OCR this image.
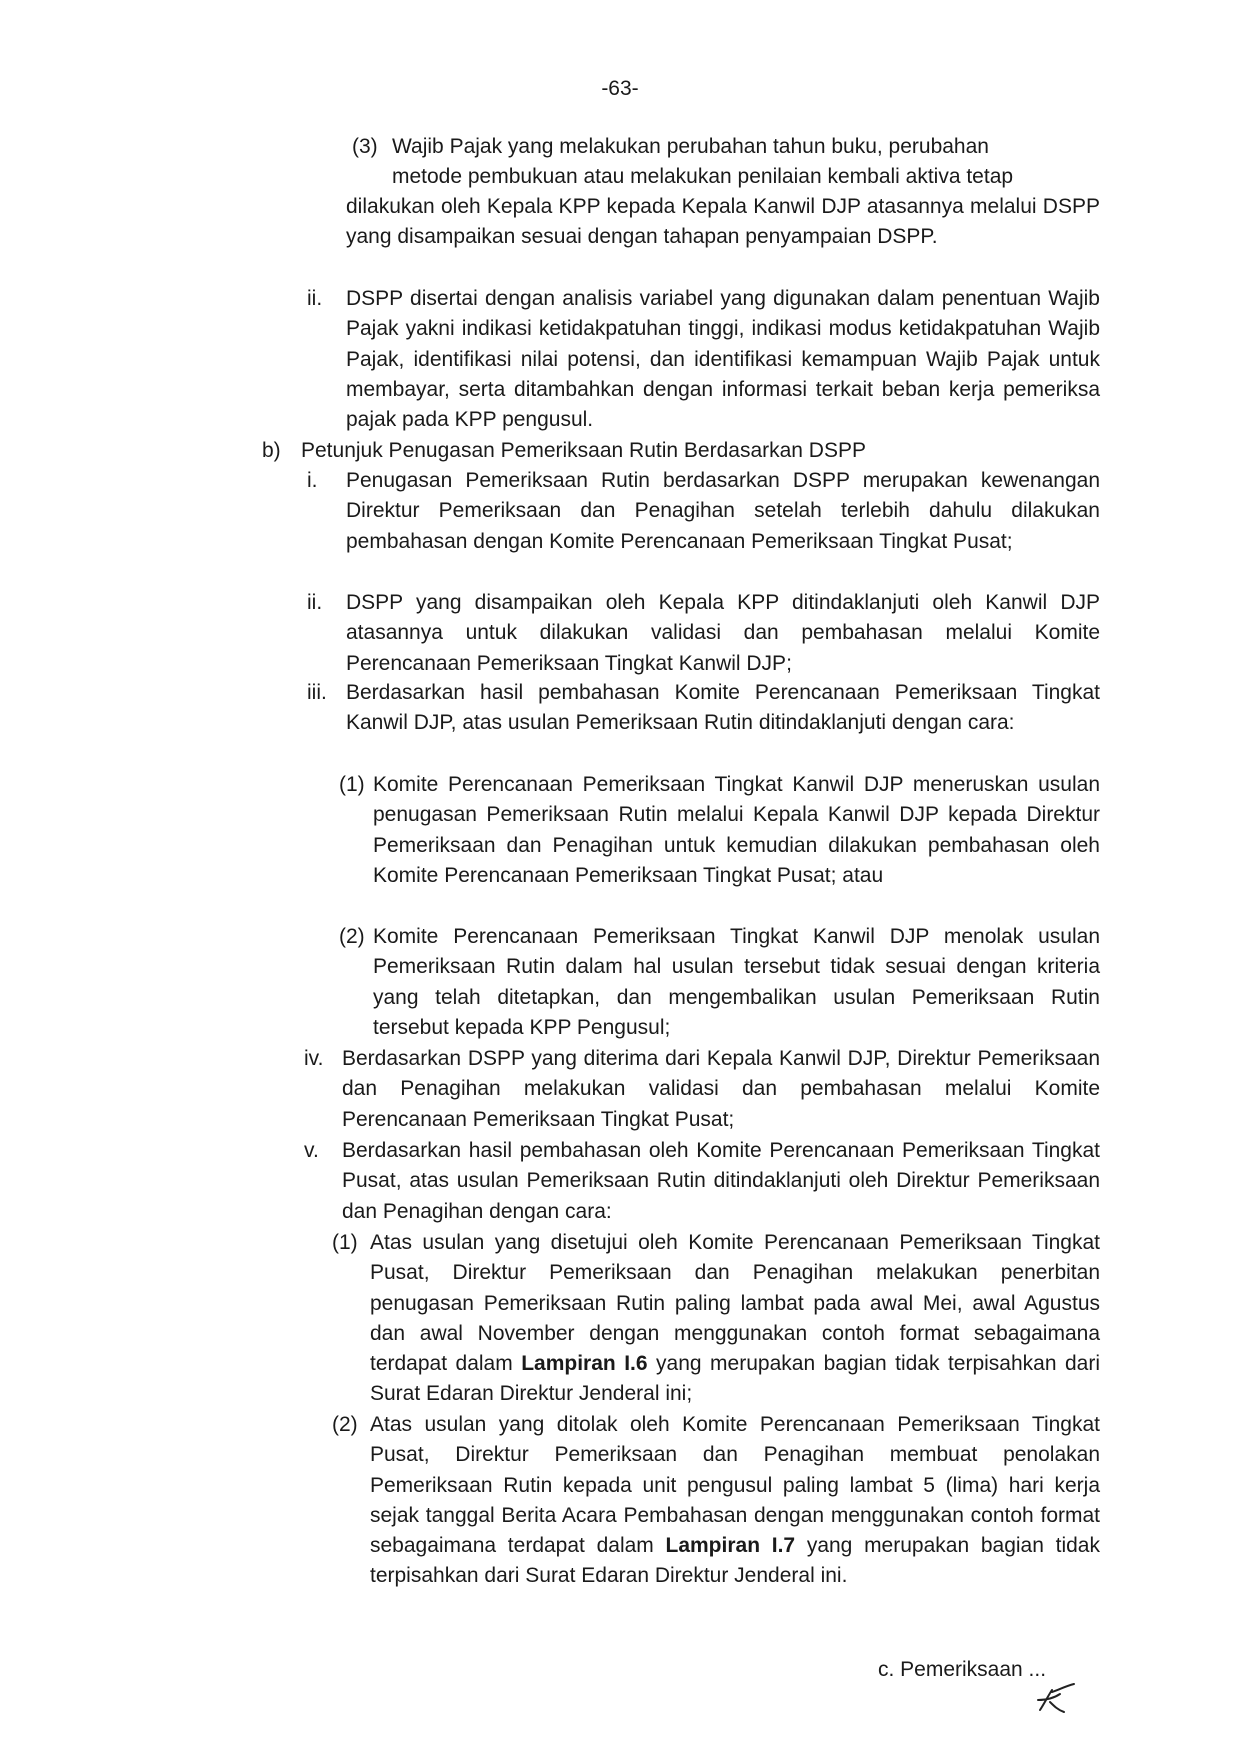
-63-
(3) Wajib Pajak yang melakukan perubahan tahun buku, perubahan
metode pembukuan atau melakukan penilaian kembali aktiva tetap
dilakukan oleh Kepala KPP kepada Kepala Kanwil DJP atasannya melalui DSPP yang disampaikan sesuai dengan tahapan penyampaian DSPP.
ii. DSPP disertai dengan analisis variabel yang digunakan dalam penentuan Wajib Pajak yakni indikasi ketidakpatuhan tinggi, indikasi modus ketidakpatuhan Wajib Pajak, identifikasi nilai potensi, dan identifikasi kemampuan Wajib Pajak untuk membayar, serta ditambahkan dengan informasi terkait beban kerja pemeriksa pajak pada KPP pengusul.
b) Petunjuk Penugasan Pemeriksaan Rutin Berdasarkan DSPP
i. Penugasan Pemeriksaan Rutin berdasarkan DSPP merupakan kewenangan Direktur Pemeriksaan dan Penagihan setelah terlebih dahulu dilakukan pembahasan dengan Komite Perencanaan Pemeriksaan Tingkat Pusat;
ii. DSPP yang disampaikan oleh Kepala KPP ditindaklanjuti oleh Kanwil DJP atasannya untuk dilakukan validasi dan pembahasan melalui Komite Perencanaan Pemeriksaan Tingkat Kanwil DJP;
iii. Berdasarkan hasil pembahasan Komite Perencanaan Pemeriksaan Tingkat Kanwil DJP, atas usulan Pemeriksaan Rutin ditindaklanjuti dengan cara:
(1) Komite Perencanaan Pemeriksaan Tingkat Kanwil DJP meneruskan usulan penugasan Pemeriksaan Rutin melalui Kepala Kanwil DJP kepada Direktur Pemeriksaan dan Penagihan untuk kemudian dilakukan pembahasan oleh Komite Perencanaan Pemeriksaan Tingkat Pusat; atau
(2) Komite Perencanaan Pemeriksaan Tingkat Kanwil DJP menolak usulan Pemeriksaan Rutin dalam hal usulan tersebut tidak sesuai dengan kriteria yang telah ditetapkan, dan mengembalikan usulan Pemeriksaan Rutin tersebut kepada KPP Pengusul;
iv. Berdasarkan DSPP yang diterima dari Kepala Kanwil DJP, Direktur Pemeriksaan dan Penagihan melakukan validasi dan pembahasan melalui Komite Perencanaan Pemeriksaan Tingkat Pusat;
v. Berdasarkan hasil pembahasan oleh Komite Perencanaan Pemeriksaan Tingkat Pusat, atas usulan Pemeriksaan Rutin ditindaklanjuti oleh Direktur Pemeriksaan dan Penagihan dengan cara:
(1) Atas usulan yang disetujui oleh Komite Perencanaan Pemeriksaan Tingkat Pusat, Direktur Pemeriksaan dan Penagihan melakukan penerbitan penugasan Pemeriksaan Rutin paling lambat pada awal Mei, awal Agustus dan awal November dengan menggunakan contoh format sebagaimana terdapat dalam Lampiran I.6 yang merupakan bagian tidak terpisahkan dari Surat Edaran Direktur Jenderal ini;
(2) Atas usulan yang ditolak oleh Komite Perencanaan Pemeriksaan Tingkat Pusat, Direktur Pemeriksaan dan Penagihan membuat penolakan Pemeriksaan Rutin kepada unit pengusul paling lambat 5 (lima) hari kerja sejak tanggal Berita Acara Pembahasan dengan menggunakan contoh format sebagaimana terdapat dalam Lampiran I.7 yang merupakan bagian tidak terpisahkan dari Surat Edaran Direktur Jenderal ini.
c. Pemeriksaan ...
